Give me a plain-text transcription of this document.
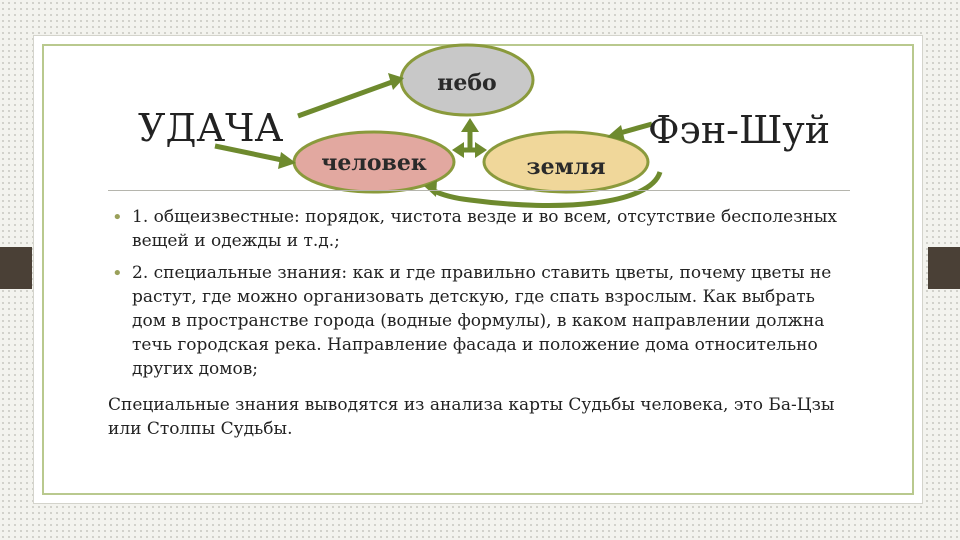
небо
человек	земля
УДАЧА	Фэн-Шуй
• 1. общеизвестные: порядок, чистота везде и во всем, отсутствие бесполезных вещей и одежды и т.д.;
• 2. специальные знания: как и где правильно ставить цветы, почему цветы не растут, где можно организовать детскую, где спать взрослым. Как выбрать дом в пространстве города (водные формулы), в каком направлении должна течь городская река. Направление фасада и положение дома относительно других домов;

Специальные знания выводятся из анализа карты Судьбы человека, это Ба-Цзы или Столпы Судьбы.
